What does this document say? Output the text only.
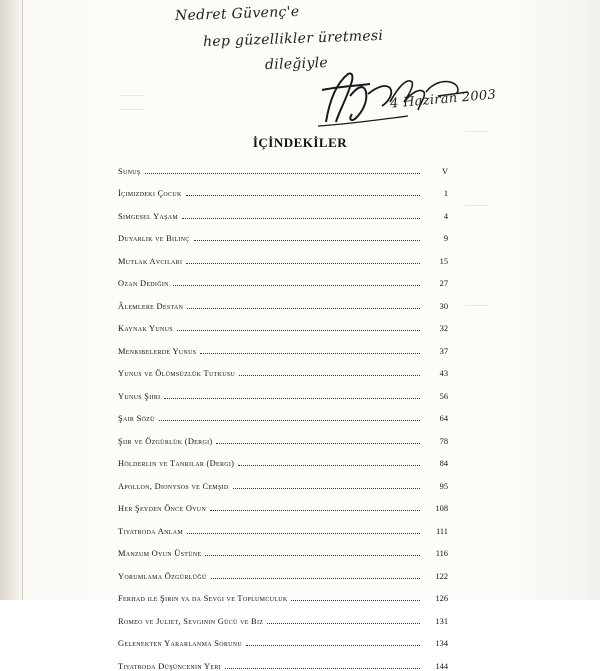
———
———
———
———
———
Nedret Güvenç'e
hep güzellikler üretmesi
dileğiyle
4 Haziran 2003
İÇİNDEKİLER
Sunuş	V
İçimizdeki Çocuk	1
Simgesel Yaşam	4
Duyarlık ve Bilinç	9
Mutlak Avcıları	15
Ozan Dediğin	27
Âlemlere Destan	30
Kaynak Yunus	32
Menkıbelerde Yunus	37
Yunus ve Ölümsüzlük Tutkusu	43
Yunus Şiiri	56
Şair Sözü	64
Şiir ve Özgürlük (Dergi)	78
Hölderlin ve Tanrılar (Dergi)	84
Apollon, Dionysos ve Cemşid	95
Her Şeyden Önce Oyun	108
Tiyatroda Anlam	111
Manzum Oyun Üstüne	116
Yorumlama Özgürlüğü	122
Ferhad ile Şirin ya da Sevgi ve Toplumculuk	126
Romeo ve Juliet, Sevginin Gücü ve Biz	131
Gelenekten Yararlanma Sorunu	134
Tiyatroda Düşüncenin Yeri	144
